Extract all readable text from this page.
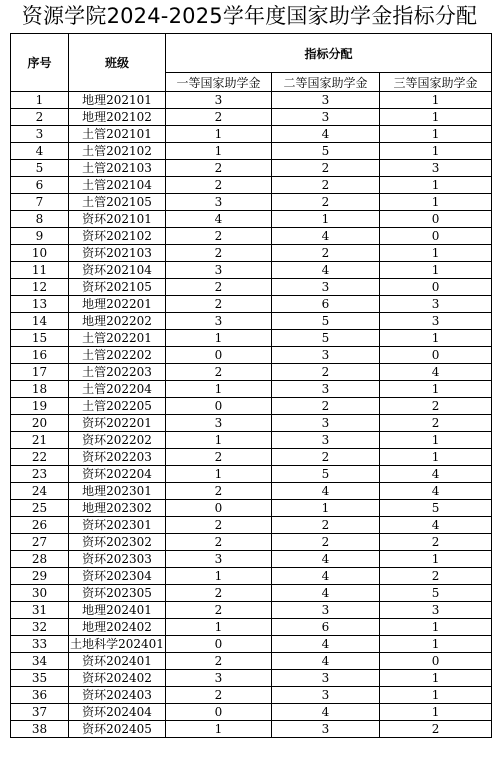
资源学院2024-2025学年度国家助学金指标分配
序号	班级	指标分配		
		一等国家助学金	二等国家助学金	三等国家助学金
1	地理202101	3	3	1
2	地理202102	2	3	1
3	土管202101	1	4	1
4	土管202102	1	5	1
5	土管202103	2	2	3
6	土管202104	2	2	1
7	土管202105	3	2	1
8	资环202101	4	1	0
9	资环202102	2	4	0
10	资环202103	2	2	1
11	资环202104	3	4	1
12	资环202105	2	3	0
13	地理202201	2	6	3
14	地理202202	3	5	3
15	土管202201	1	5	1
16	土管202202	0	3	0
17	土管202203	2	2	4
18	土管202204	1	3	1
19	土管202205	0	2	2
20	资环202201	3	3	2
21	资环202202	1	3	1
22	资环202203	2	2	1
23	资环202204	1	5	4
24	地理202301	2	4	4
25	地理202302	0	1	5
26	资环202301	2	2	4
27	资环202302	2	2	2
28	资环202303	3	4	1
29	资环202304	1	4	2
30	资环202305	2	4	5
31	地理202401	2	3	3
32	地理202402	1	6	1
33	土地科学202401	0	4	1
34	资环202401	2	4	0
35	资环202402	3	3	1
36	资环202403	2	3	1
37	资环202404	0	4	1
38	资环202405	1	3	2
